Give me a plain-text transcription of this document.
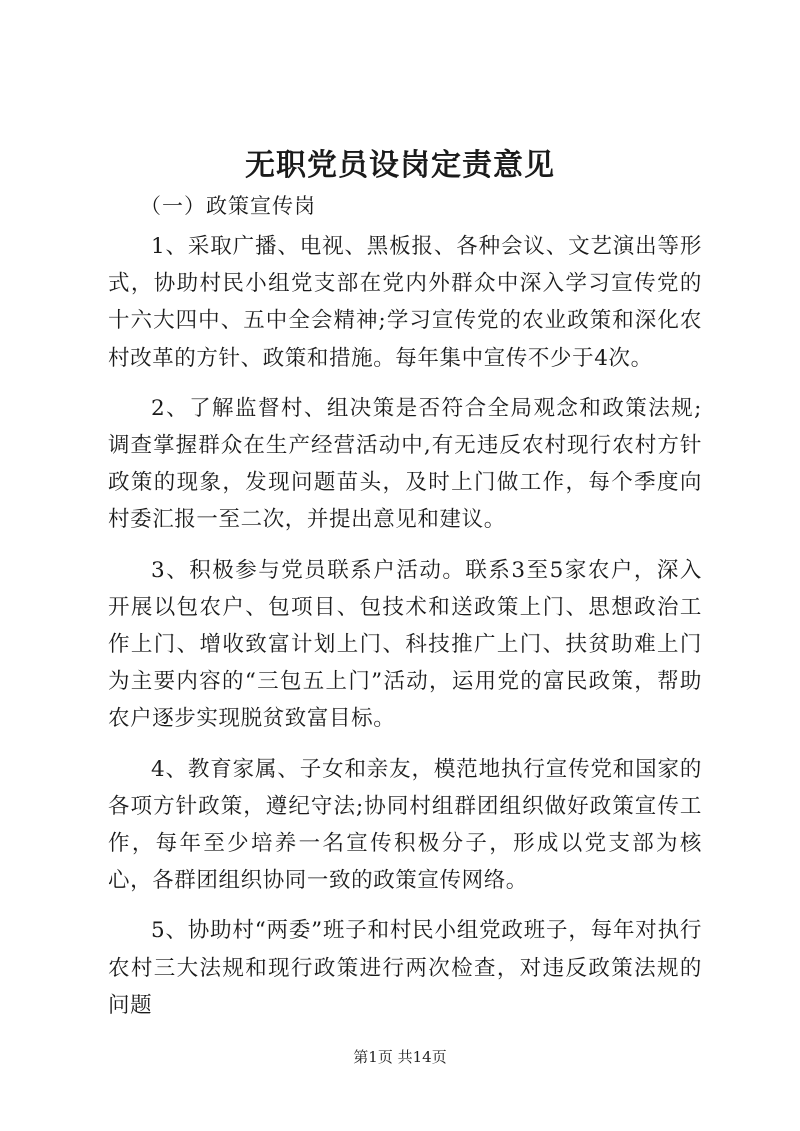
无职党员设岗定责意见
（一）政策宣传岗

1、采取广播、电视、黑板报、各种会议、文艺演出等形式，协助村民小组党支部在党内外群众中深入学习宣传党的十六大四中、五中全会精神;学习宣传党的农业政策和深化农村改革的方针、政策和措施。每年集中宣传不少于4次。

2、了解监督村、组决策是否符合全局观念和政策法规;调查掌握群众在生产经营活动中,有无违反农村现行农村方针政策的现象，发现问题苗头，及时上门做工作，每个季度向村委汇报一至二次，并提出意见和建议。

3、积极参与党员联系户活动。联系3至5家农户，深入开展以包农户、包项目、包技术和送政策上门、思想政治工作上门、增收致富计划上门、科技推广上门、扶贫助难上门为主要内容的“三包五上门”活动，运用党的富民政策，帮助农户逐步实现脱贫致富目标。

4、教育家属、子女和亲友，模范地执行宣传党和国家的各项方针政策，遵纪守法;协同村组群团组织做好政策宣传工作，每年至少培养一名宣传积极分子，形成以党支部为核心，各群团组织协同一致的政策宣传网络。

5、协助村“两委”班子和村民小组党政班子，每年对执行农村三大法规和现行政策进行两次检查，对违反政策法规的问题

第1页 共14页
